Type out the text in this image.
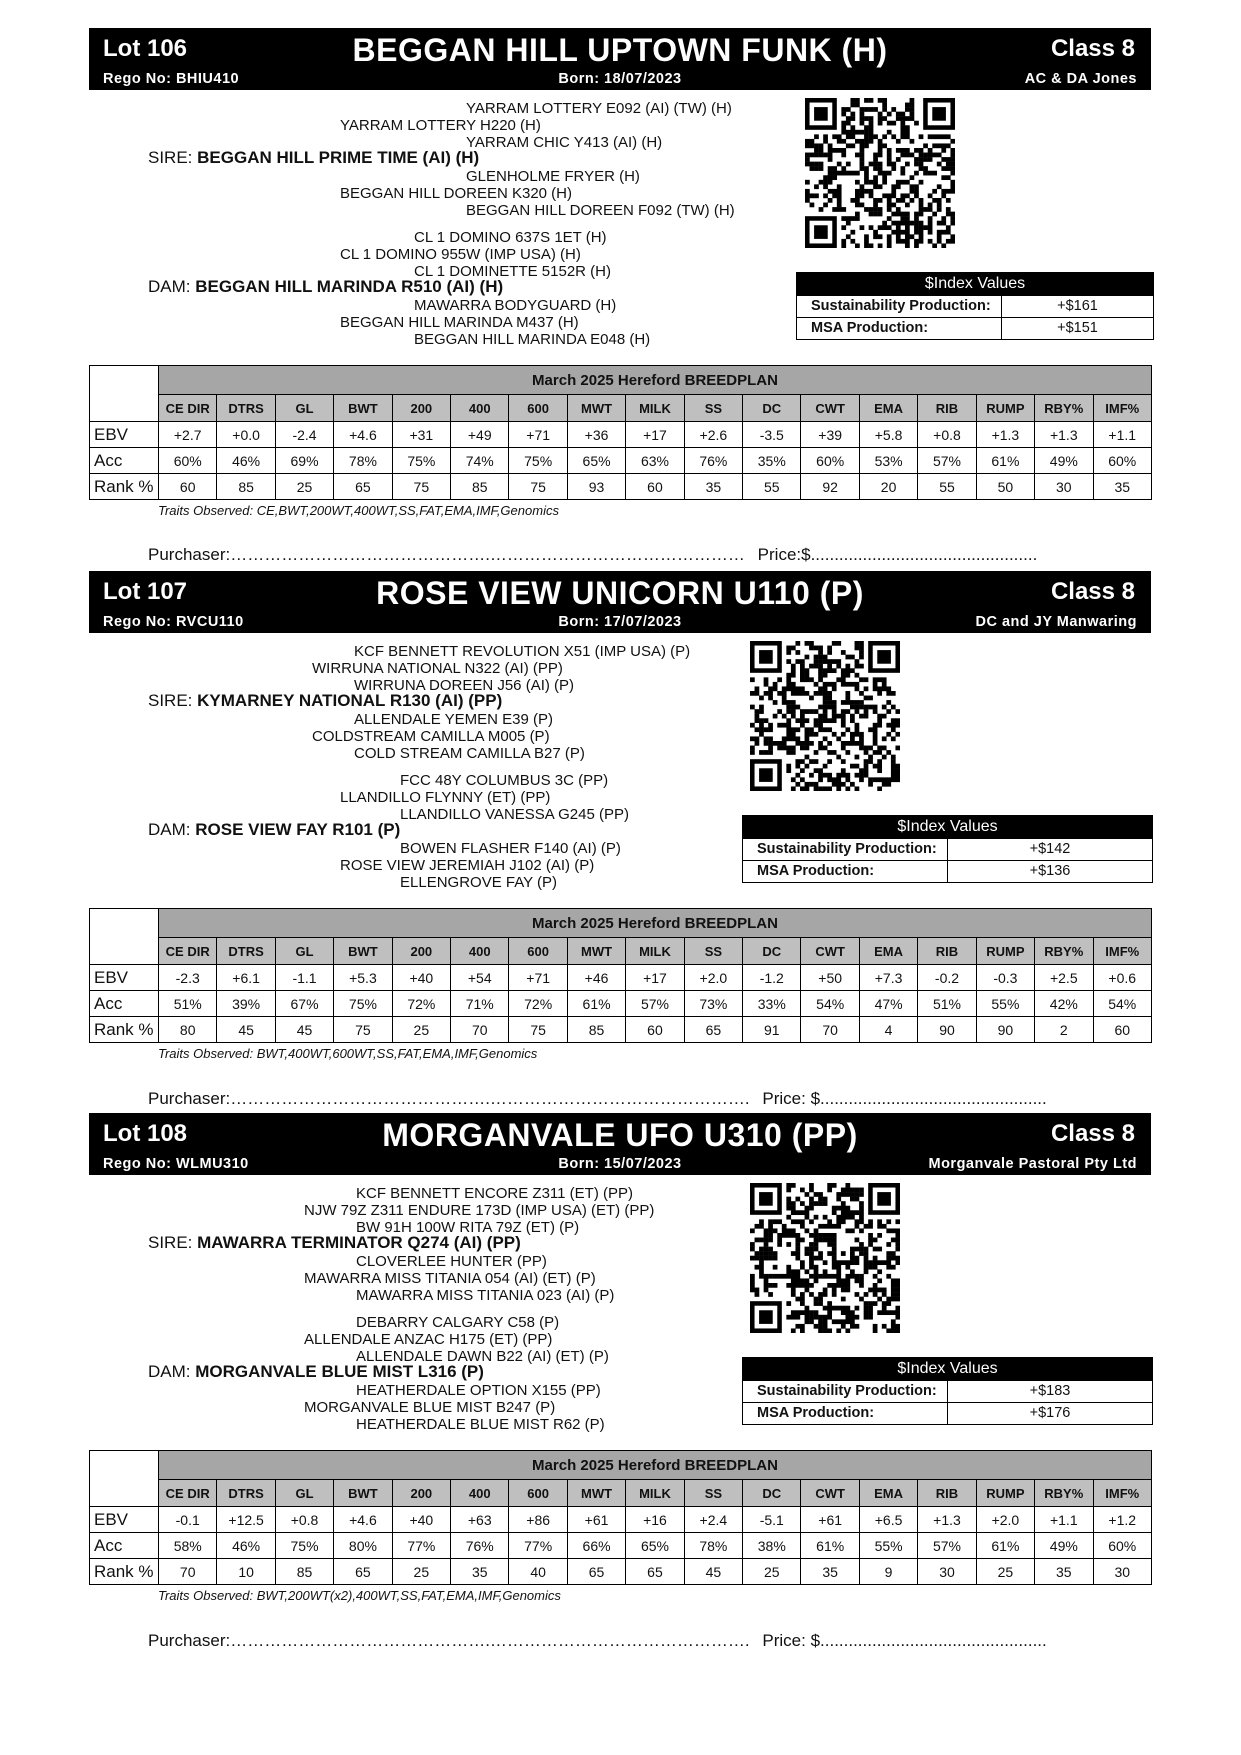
Lot 106	BEGGAN HILL UPTOWN FUNK (H)	Class 8
Rego No: BHIU410	Born: 18/07/2023	AC & DA Jones
YARRAM LOTTERY E092 (AI) (TW) (H)
YARRAM LOTTERY H220 (H)
YARRAM CHIC Y413 (AI) (H)
SIRE: BEGGAN HILL PRIME TIME (AI) (H)
GLENHOLME FRYER (H)
BEGGAN HILL DOREEN K320 (H)
BEGGAN HILL DOREEN F092 (TW) (H)
CL 1 DOMINO 637S 1ET (H)
CL 1 DOMINO 955W (IMP USA) (H)
CL 1 DOMINETTE 5152R (H)
DAM: BEGGAN HILL MARINDA R510 (AI) (H)
MAWARRA BODYGUARD (H)
BEGGAN HILL MARINDA M437 (H)
BEGGAN HILL MARINDA E048 (H)
$Index Values
Sustainability Production:	+$161
MSA Production:	+$151
	March 2025 Hereford BREEDPLAN																
	CE DIR	DTRS	GL	BWT	200	400	600	MWT	MILK	SS	DC	CWT	EMA	RIB	RUMP	RBY%	IMF%
EBV	+2.7	+0.0	-2.4	+4.6	+31	+49	+71	+36	+17	+2.6	-3.5	+39	+5.8	+0.8	+1.3	+1.3	+1.1
Acc	60%	46%	69%	78%	75%	74%	75%	65%	63%	76%	35%	60%	53%	57%	61%	49%	60%
Rank %	60	85	25	65	75	85	75	93	60	35	55	92	20	55	50	30	35
Traits Observed: CE,BWT,200WT,400WT,SS,FAT,EMA,IMF,Genomics
Purchaser:……………………………………….……………………………………… Price:$................................................
Lot 107	ROSE VIEW UNICORN U110 (P)	Class 8
Rego No: RVCU110	Born: 17/07/2023	DC and JY Manwaring
KCF BENNETT REVOLUTION X51 (IMP USA) (P)
WIRRUNA NATIONAL N322 (AI) (PP)
WIRRUNA DOREEN J56 (AI) (P)
SIRE: KYMARNEY NATIONAL R130 (AI) (PP)
ALLENDALE YEMEN E39 (P)
COLDSTREAM CAMILLA M005 (P)
COLD STREAM CAMILLA B27 (P)
FCC 48Y COLUMBUS 3C (PP)
LLANDILLO FLYNNY (ET) (PP)
LLANDILLO VANESSA G245 (PP)
DAM: ROSE VIEW FAY R101 (P)
BOWEN FLASHER F140 (AI) (P)
ROSE VIEW JEREMIAH J102 (AI) (P)
ELLENGROVE FAY (P)
$Index Values
Sustainability Production:	+$142
MSA Production:	+$136
	March 2025 Hereford BREEDPLAN																
	CE DIR	DTRS	GL	BWT	200	400	600	MWT	MILK	SS	DC	CWT	EMA	RIB	RUMP	RBY%	IMF%
EBV	-2.3	+6.1	-1.1	+5.3	+40	+54	+71	+46	+17	+2.0	-1.2	+50	+7.3	-0.2	-0.3	+2.5	+0.6
Acc	51%	39%	67%	75%	72%	71%	72%	61%	57%	73%	33%	54%	47%	51%	55%	42%	54%
Rank %	80	45	45	75	25	70	75	85	60	65	91	70	4	90	90	2	60
Traits Observed: BWT,400WT,600WT,SS,FAT,EMA,IMF,Genomics
Purchaser:……………………………………….………………………………………. Price: $................................................
Lot 108	MORGANVALE UFO U310 (PP)	Class 8
Rego No: WLMU310	Born: 15/07/2023	Morganvale Pastoral Pty Ltd
KCF BENNETT ENCORE Z311 (ET) (PP)
NJW 79Z Z311 ENDURE 173D (IMP USA) (ET) (PP)
BW 91H 100W RITA 79Z (ET) (P)
SIRE: MAWARRA TERMINATOR Q274 (AI) (PP)
CLOVERLEE HUNTER (PP)
MAWARRA MISS TITANIA 054 (AI) (ET) (P)
MAWARRA MISS TITANIA 023 (AI) (P)
DEBARRY CALGARY C58 (P)
ALLENDALE ANZAC H175 (ET) (PP)
ALLENDALE DAWN B22 (AI) (ET) (P)
DAM: MORGANVALE BLUE MIST L316 (P)
HEATHERDALE OPTION X155 (PP)
MORGANVALE BLUE MIST B247 (P)
HEATHERDALE BLUE MIST R62 (P)
$Index Values
Sustainability Production:	+$183
MSA Production:	+$176
	March 2025 Hereford BREEDPLAN																
	CE DIR	DTRS	GL	BWT	200	400	600	MWT	MILK	SS	DC	CWT	EMA	RIB	RUMP	RBY%	IMF%
EBV	-0.1	+12.5	+0.8	+4.6	+40	+63	+86	+61	+16	+2.4	-5.1	+61	+6.5	+1.3	+2.0	+1.1	+1.2
Acc	58%	46%	75%	80%	77%	76%	77%	66%	65%	78%	38%	61%	55%	57%	61%	49%	60%
Rank %	70	10	85	65	25	35	40	65	65	45	25	35	9	30	25	35	30
Traits Observed: BWT,200WT(x2),400WT,SS,FAT,EMA,IMF,Genomics
Purchaser:……………………………………….………………………………………. Price: $................................................
